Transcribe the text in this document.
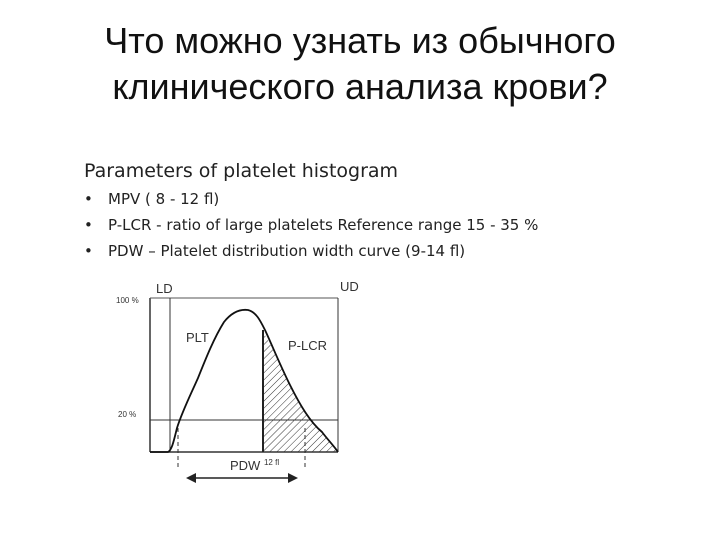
Что можно узнать из обычного
клинического анализа крови?
Parameters of platelet histogram
• MPV ( 8 - 12 fl)
• P-LCR - ratio of large platelets Reference range 15 - 35 %
• PDW – Platelet distribution width curve (9-14 fl)
100 %
20 %
LD	UD
PLT
P-LCR
PDW $^{12 fl}$
